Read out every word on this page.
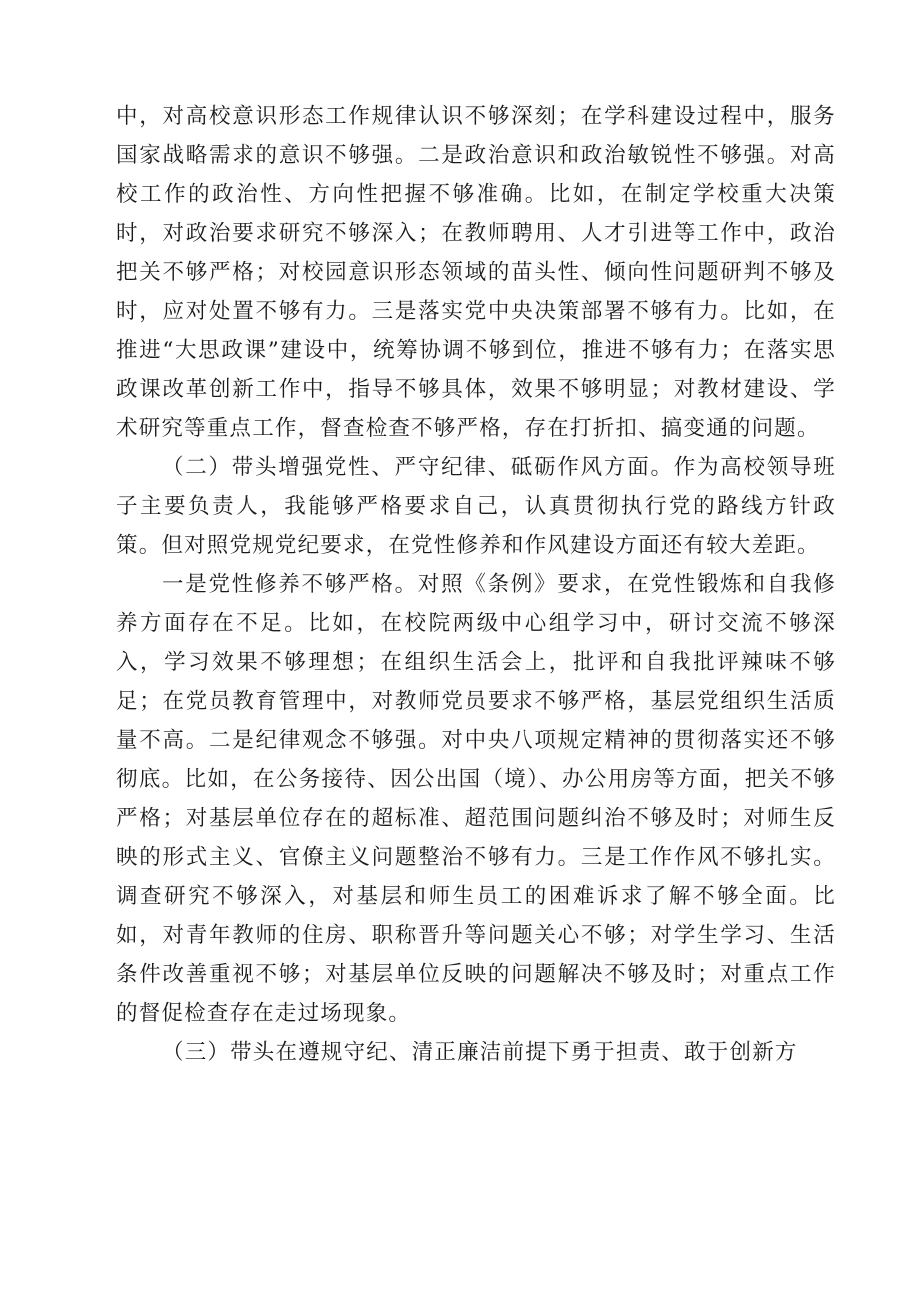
中，对高校意识形态工作规律认识不够深刻；在学科建设过程中，服务国家战略需求的意识不够强。二是政治意识和政治敏锐性不够强。对高校工作的政治性、方向性把握不够准确。比如，在制定学校重大决策时，对政治要求研究不够深入；在教师聘用、人才引进等工作中，政治把关不够严格；对校园意识形态领域的苗头性、倾向性问题研判不够及时，应对处置不够有力。三是落实党中央决策部署不够有力。比如，在推进“大思政课”建设中，统筹协调不够到位，推进不够有力；在落实思政课改革创新工作中，指导不够具体，效果不够明显；对教材建设、学术研究等重点工作，督查检查不够严格，存在打折扣、搞变通的问题。

（二）带头增强党性、严守纪律、砥砺作风方面。作为高校领导班子主要负责人，我能够严格要求自己，认真贯彻执行党的路线方针政策。但对照党规党纪要求，在党性修养和作风建设方面还有较大差距。

一是党性修养不够严格。对照《条例》要求，在党性锻炼和自我修养方面存在不足。比如，在校院两级中心组学习中，研讨交流不够深入，学习效果不够理想；在组织生活会上，批评和自我批评辣味不够足；在党员教育管理中，对教师党员要求不够严格，基层党组织生活质量不高。二是纪律观念不够强。对中央八项规定精神的贯彻落实还不够彻底。比如，在公务接待、因公出国（境）、办公用房等方面，把关不够严格；对基层单位存在的超标准、超范围问题纠治不够及时；对师生反映的形式主义、官僚主义问题整治不够有力。三是工作作风不够扎实。调查研究不够深入，对基层和师生员工的困难诉求了解不够全面。比如，对青年教师的住房、职称晋升等问题关心不够；对学生学习、生活条件改善重视不够；对基层单位反映的问题解决不够及时；对重点工作的督促检查存在走过场现象。

（三）带头在遵规守纪、清正廉洁前提下勇于担责、敢于创新方
